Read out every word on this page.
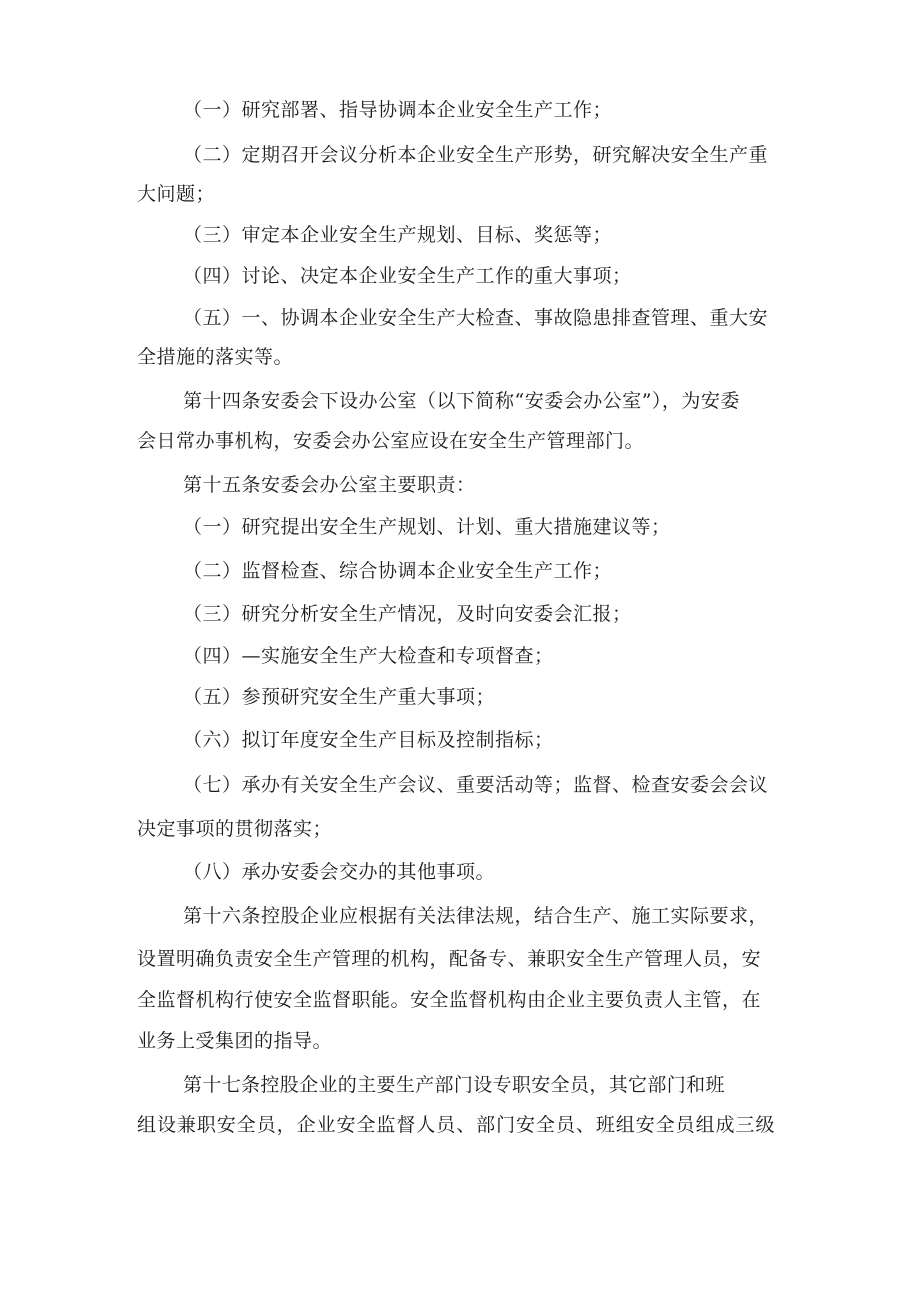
（一）研究部署、指导协调本企业安全生产工作；
（二）定期召开会议分析本企业安全生产形势，研究解决安全生产重
大问题；
（三）审定本企业安全生产规划、目标、奖惩等；
（四）讨论、决定本企业安全生产工作的重大事项；
（五）一、协调本企业安全生产大检查、事故隐患排查管理、重大安
全措施的落实等。
第十四条安委会下设办公室（以下简称“安委会办公室”），为安委
会日常办事机构，安委会办公室应设在安全生产管理部门。
第十五条安委会办公室主要职责：
（一）研究提出安全生产规划、计划、重大措施建议等；
（二）监督检查、综合协调本企业安全生产工作；
（三）研究分析安全生产情况，及时向安委会汇报；
（四）—实施安全生产大检查和专项督查；
（五）参预研究安全生产重大事项；
（六）拟订年度安全生产目标及控制指标；
（七）承办有关安全生产会议、重要活动等；监督、检查安委会会议
决定事项的贯彻落实；
（八）承办安委会交办的其他事项。
第十六条控股企业应根据有关法律法规，结合生产、施工实际要求，
设置明确负责安全生产管理的机构，配备专、兼职安全生产管理人员，安
全监督机构行使安全监督职能。安全监督机构由企业主要负责人主管，在
业务上受集团的指导。
第十七条控股企业的主要生产部门设专职安全员，其它部门和班
组设兼职安全员，企业安全监督人员、部门安全员、班组安全员组成三级
